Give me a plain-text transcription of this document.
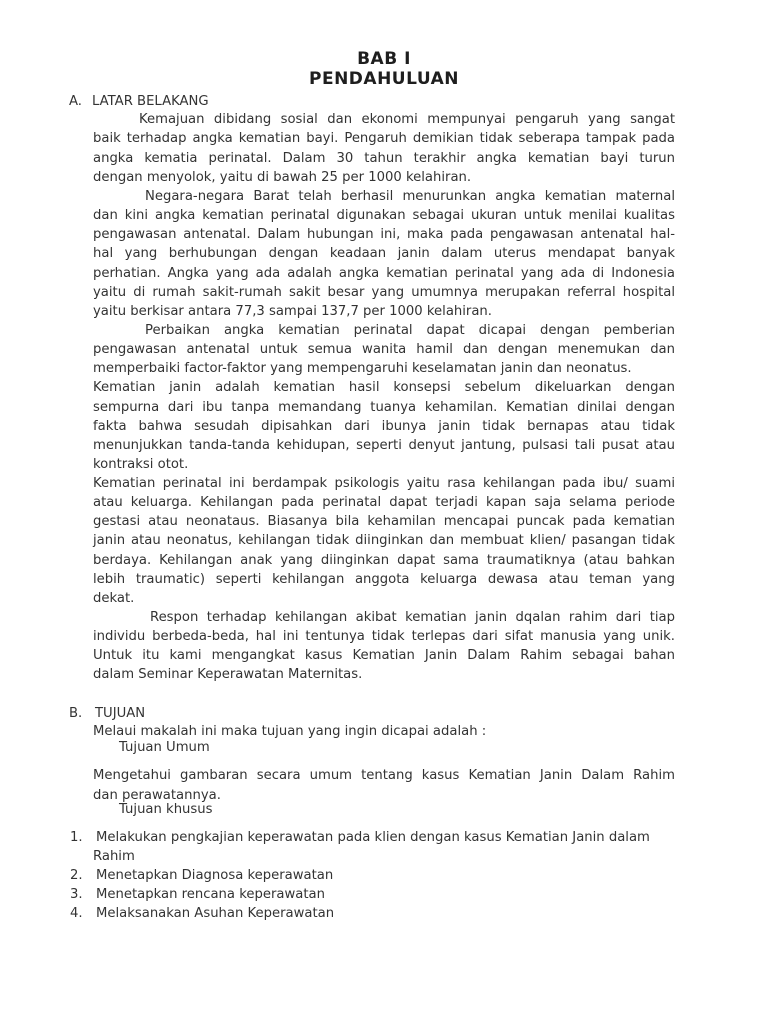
BAB I
PENDAHULUAN
A. LATAR BELAKANG
Kemajuan dibidang sosial dan ekonomi mempunyai pengaruh yang sangat
baik terhadap angka kematian bayi. Pengaruh demikian tidak seberapa tampak pada
angka kematia perinatal. Dalam 30 tahun terakhir angka kematian bayi turun
dengan menyolok, yaitu di bawah 25 per 1000 kelahiran.
Negara-negara Barat telah berhasil menurunkan angka kematian maternal
dan kini angka kematian perinatal digunakan sebagai ukuran untuk menilai kualitas
pengawasan antenatal. Dalam hubungan ini, maka pada pengawasan antenatal hal-
hal yang berhubungan dengan keadaan janin dalam uterus mendapat banyak
perhatian. Angka yang ada adalah angka kematian perinatal yang ada di Indonesia
yaitu di rumah sakit-rumah sakit besar yang umumnya merupakan referral hospital
yaitu berkisar antara 77,3 sampai 137,7 per 1000 kelahiran.
Perbaikan angka kematian perinatal dapat dicapai dengan pemberian
pengawasan antenatal untuk semua wanita hamil dan dengan menemukan dan
memperbaiki factor-faktor yang mempengaruhi keselamatan janin dan neonatus.
Kematian janin adalah kematian hasil konsepsi sebelum dikeluarkan dengan
sempurna dari ibu tanpa memandang tuanya kehamilan. Kematian dinilai dengan
fakta bahwa sesudah dipisahkan dari ibunya janin tidak bernapas atau tidak
menunjukkan tanda-tanda kehidupan, seperti denyut jantung, pulsasi tali pusat atau
kontraksi otot.
Kematian perinatal ini berdampak psikologis yaitu rasa kehilangan pada ibu/ suami
atau keluarga. Kehilangan pada perinatal dapat terjadi kapan saja selama periode
gestasi atau neonataus. Biasanya bila kehamilan mencapai puncak pada kematian
janin atau neonatus, kehilangan tidak diinginkan dan membuat klien/ pasangan tidak
berdaya. Kehilangan anak yang diinginkan dapat sama traumatiknya (atau bahkan
lebih traumatic) seperti kehilangan anggota keluarga dewasa atau teman yang
dekat.
Respon terhadap kehilangan akibat kematian janin dqalan rahim dari tiap
individu berbeda-beda, hal ini tentunya tidak terlepas dari sifat manusia yang unik.
Untuk itu kami mengangkat kasus Kematian Janin Dalam Rahim sebagai bahan
dalam Seminar Keperawatan Maternitas.
B. TUJUAN
Melaui makalah ini maka tujuan yang ingin dicapai adalah :
Tujuan Umum
Mengetahui gambaran secara umum tentang kasus Kematian Janin Dalam Rahim
dan perawatannya.
Tujuan khusus
1. Melakukan pengkajian keperawatan pada klien dengan kasus Kematian Janin dalam
Rahim
2. Menetapkan Diagnosa keperawatan
3. Menetapkan rencana keperawatan
4. Melaksanakan Asuhan Keperawatan
